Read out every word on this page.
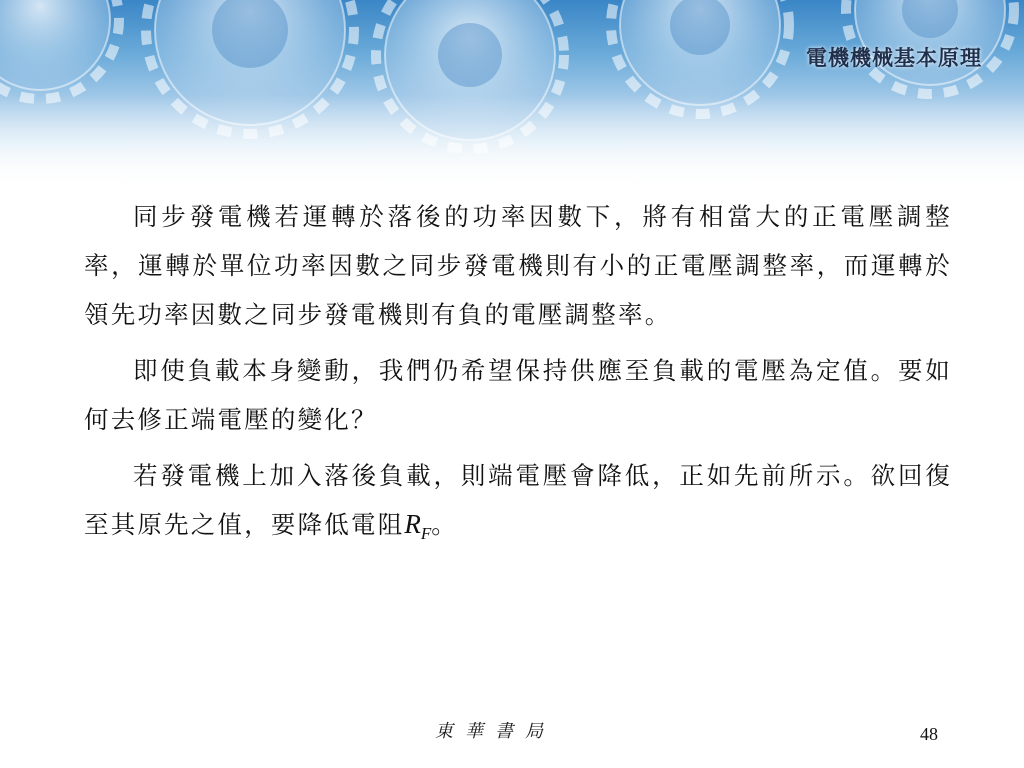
電機機械基本原理

同步發電機若運轉於落後的功率因數下，將有相當大的正電壓調整率，運轉於單位功率因數之同步發電機則有小的正電壓調整率，而運轉於領先功率因數之同步發電機則有負的電壓調整率。

即使負載本身變動，我們仍希望保持供應至負載的電壓為定值。要如何去修正端電壓的變化？

若發電機上加入落後負載，則端電壓會降低，正如先前所示。欲回復至其原先之值，要降低電阻$R_F$。

東華書局	48
